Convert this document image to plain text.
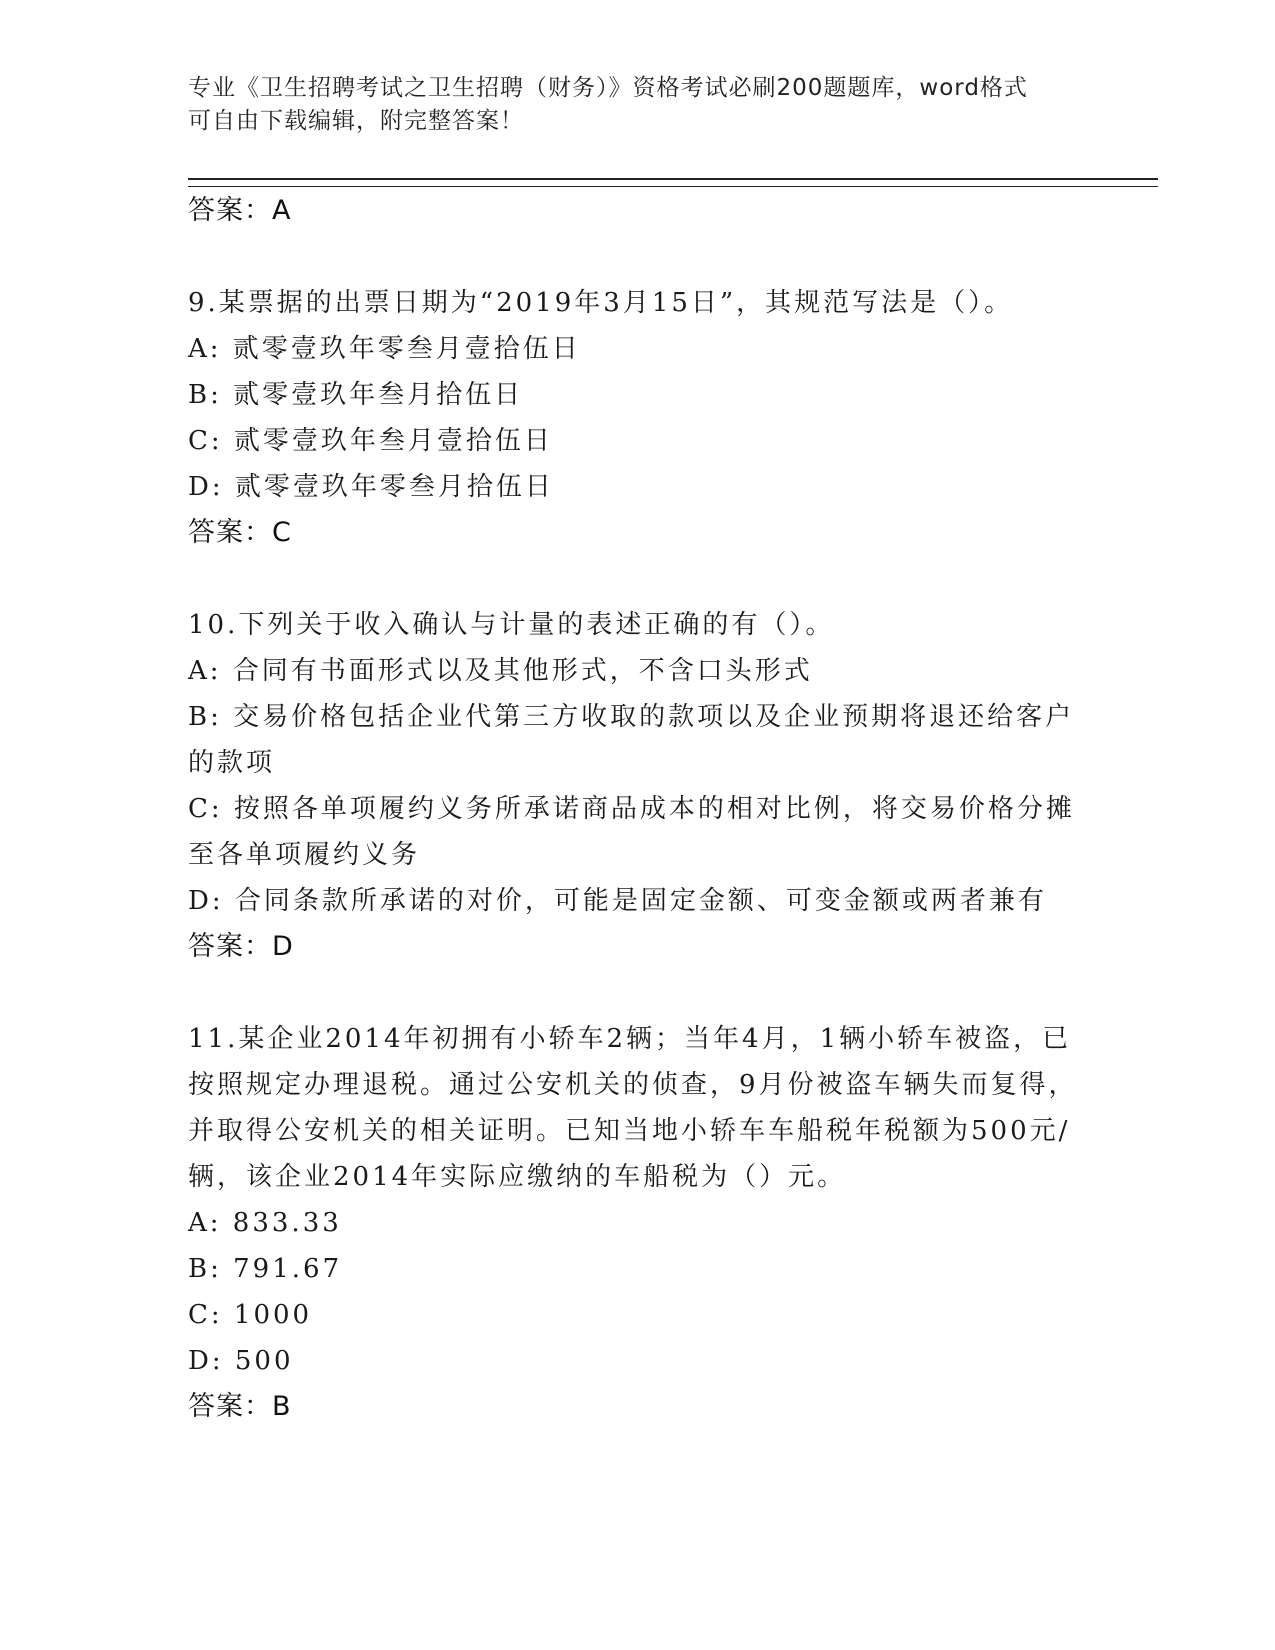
专业《卫生招聘考试之卫生招聘（财务）》资格考试必刷200题题库，word格式
可自由下载编辑，附完整答案！

答案：A

9.某票据的出票日期为“2019年3月15日”，其规范写法是（）。

A: 贰零壹玖年零叁月壹拾伍日

B: 贰零壹玖年叁月拾伍日

C: 贰零壹玖年叁月壹拾伍日

D: 贰零壹玖年零叁月拾伍日

答案：C

10.下列关于收入确认与计量的表述正确的有（）。

A: 合同有书面形式以及其他形式，不含口头形式

B: 交易价格包括企业代第三方收取的款项以及企业预期将退还给客户的款项

C: 按照各单项履约义务所承诺商品成本的相对比例，将交易价格分摊至各单项履约义务

D: 合同条款所承诺的对价，可能是固定金额、可变金额或两者兼有

答案：D

11.某企业2014年初拥有小轿车2辆；当年4月，1辆小轿车被盗，已按照规定办理退税。通过公安机关的侦查，9月份被盗车辆失而复得，并取得公安机关的相关证明。已知当地小轿车车船税年税额为500元/辆，该企业2014年实际应缴纳的车船税为（）元。

A: 833.33

B: 791.67

C: 1000

D: 500

答案：B
